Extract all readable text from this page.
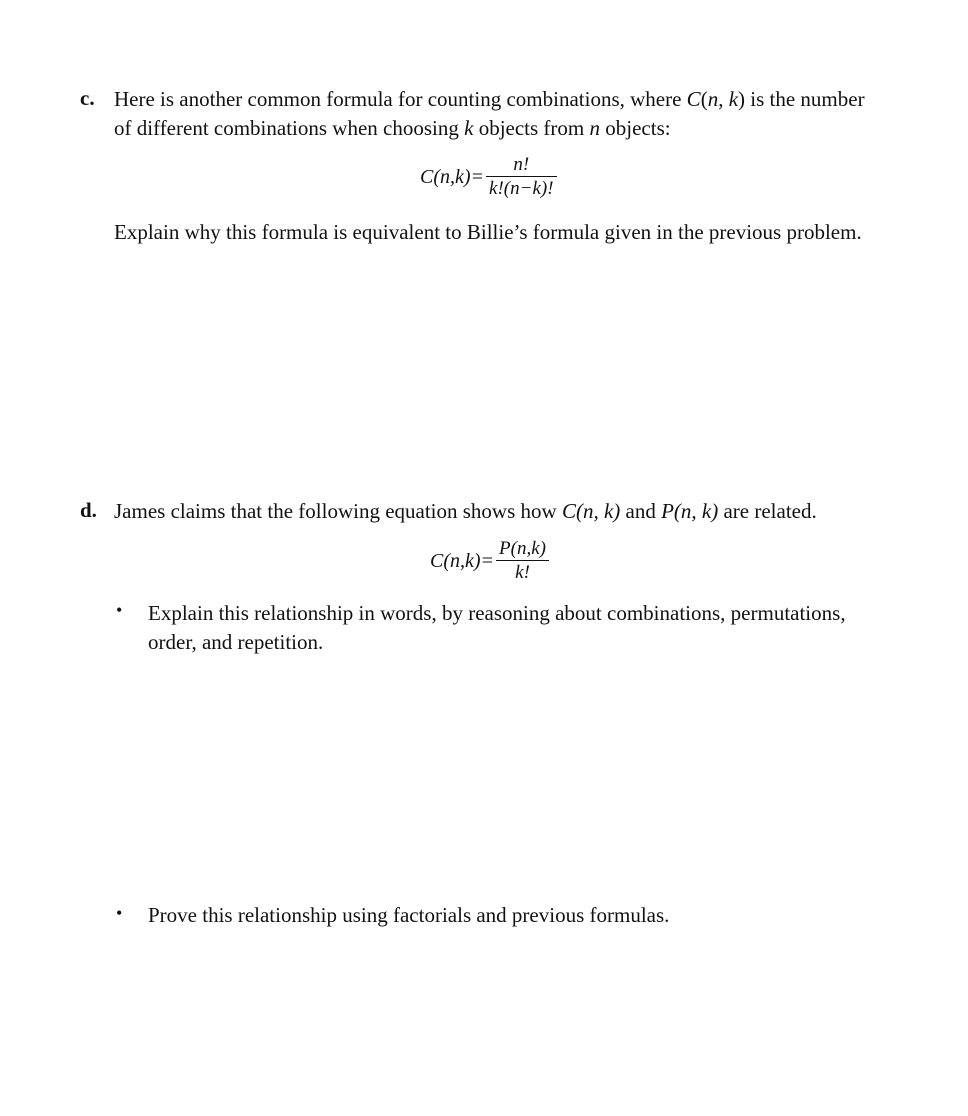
c. Here is another common formula for counting combinations, where C(n, k) is the number
of different combinations when choosing k objects from n objects:
$C(n,k)= \frac{n!}{k!(n-k)!}$
Explain why this formula is equivalent to Billie’s formula given in the previous problem.
d. James claims that the following equation shows how C(n, k) and P(n, k) are related.
$C(n,k)= \frac{P(n,k)}{k!}$
• Explain this relationship in words, by reasoning about combinations, permutations,
order, and repetition.
• Prove this relationship using factorials and previous formulas.
